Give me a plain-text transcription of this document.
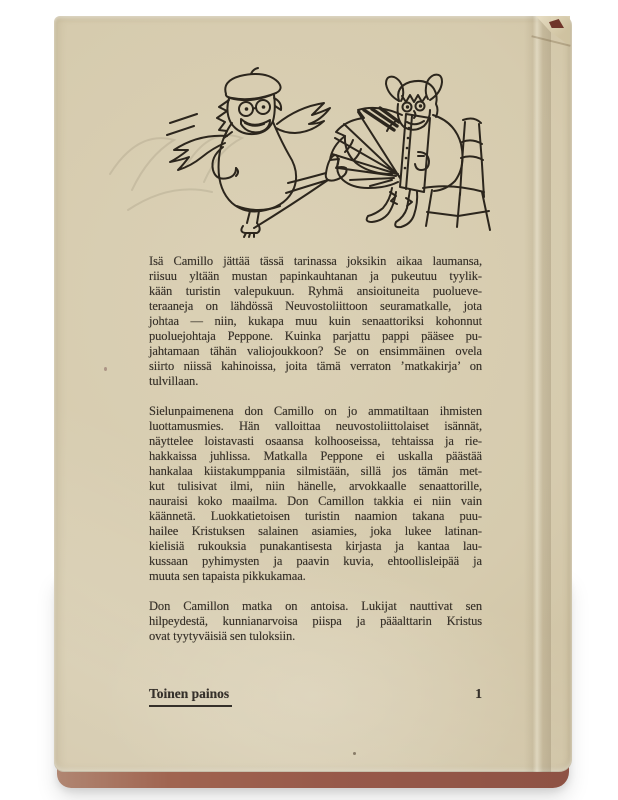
Isä Camillo jättää tässä tarinassa joksikin aikaa laumansa,
riisuu yltään mustan papinkauhtanan ja pukeutuu tyylik-
kään turistin valepukuun. Ryhmä ansioituneita puolueve-
teraaneja on lähdössä Neuvostoliittoon seuramatkalle, jota
johtaa — niin, kukapa muu kuin senaattoriksi kohonnut
puoluejohtaja Peppone. Kuinka parjattu pappi pääsee pu-
jahtamaan tähän valiojoukkoon? Se on ensimmäinen ovela
siirto niissä kahinoissa, joita tämä verraton ’matkakirja’ on
tulvillaan.
Sielunpaimenena don Camillo on jo ammatiltaan ihmisten
luottamusmies. Hän valloittaa neuvostoliittolaiset isännät,
näyttelee loistavasti osaansa kolhooseissa, tehtaissa ja rie-
hakkaissa juhlissa. Matkalla Peppone ei uskalla päästää
hankalaa kiistakumppania silmistään, sillä jos tämän met-
kut tulisivat ilmi, niin hänelle, arvokkaalle senaattorille,
nauraisi koko maailma. Don Camillon takkia ei niin vain
käännetä. Luokkatietoisen turistin naamion takana puu-
hailee Kristuksen salainen asiamies, joka lukee latinan-
kielisiä rukouksia punakantisesta kirjasta ja kantaa lau-
kussaan pyhimysten ja paavin kuvia, ehtoollisleipää ja
muuta sen tapaista pikkukamaa.
Don Camillon matka on antoisa. Lukijat nauttivat sen
hilpeydestä, kunnianarvoisa piispa ja pääalttarin Kristus
ovat tyytyväisiä sen tuloksiin.
Toinen painos	1
